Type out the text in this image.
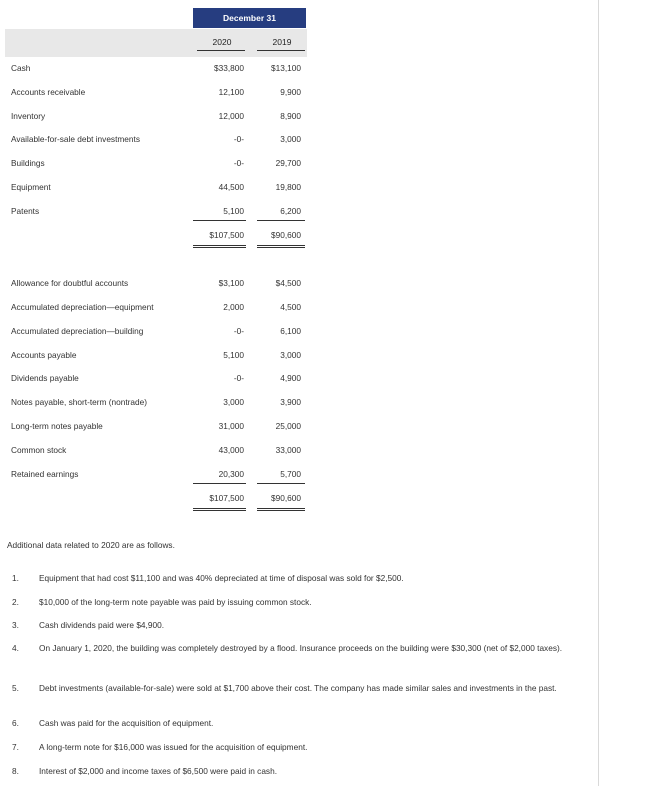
December 31
2020	2019
Cash	$33,800	$13,100
Accounts receivable	12,100	9,900
Inventory	12,000	8,900
Available-for-sale debt investments	-0-	3,000
Buildings	-0-	29,700
Equipment	44,500	19,800
Patents	5,100	6,200
$107,500	$90,600
Allowance for doubtful accounts	$3,100	$4,500
Accumulated depreciation—equipment	2,000	4,500
Accumulated depreciation—building	-0-	6,100
Accounts payable	5,100	3,000
Dividends payable	-0-	4,900
Notes payable, short-term (nontrade)	3,000	3,900
Long-term notes payable	31,000	25,000
Common stock	43,000	33,000
Retained earnings	20,300	5,700
$107,500	$90,600
Additional data related to 2020 are as follows.
1. Equipment that had cost $11,100 and was 40% depreciated at time of disposal was sold for $2,500.
2. $10,000 of the long-term note payable was paid by issuing common stock.
3. Cash dividends paid were $4,900.
4. On January 1, 2020, the building was completely destroyed by a flood. Insurance proceeds on the building were $30,300 (net of $2,000 taxes).
5. Debt investments (available-for-sale) were sold at $1,700 above their cost. The company has made similar sales and investments in the past.
6. Cash was paid for the acquisition of equipment.
7. A long-term note for $16,000 was issued for the acquisition of equipment.
8. Interest of $2,000 and income taxes of $6,500 were paid in cash.
